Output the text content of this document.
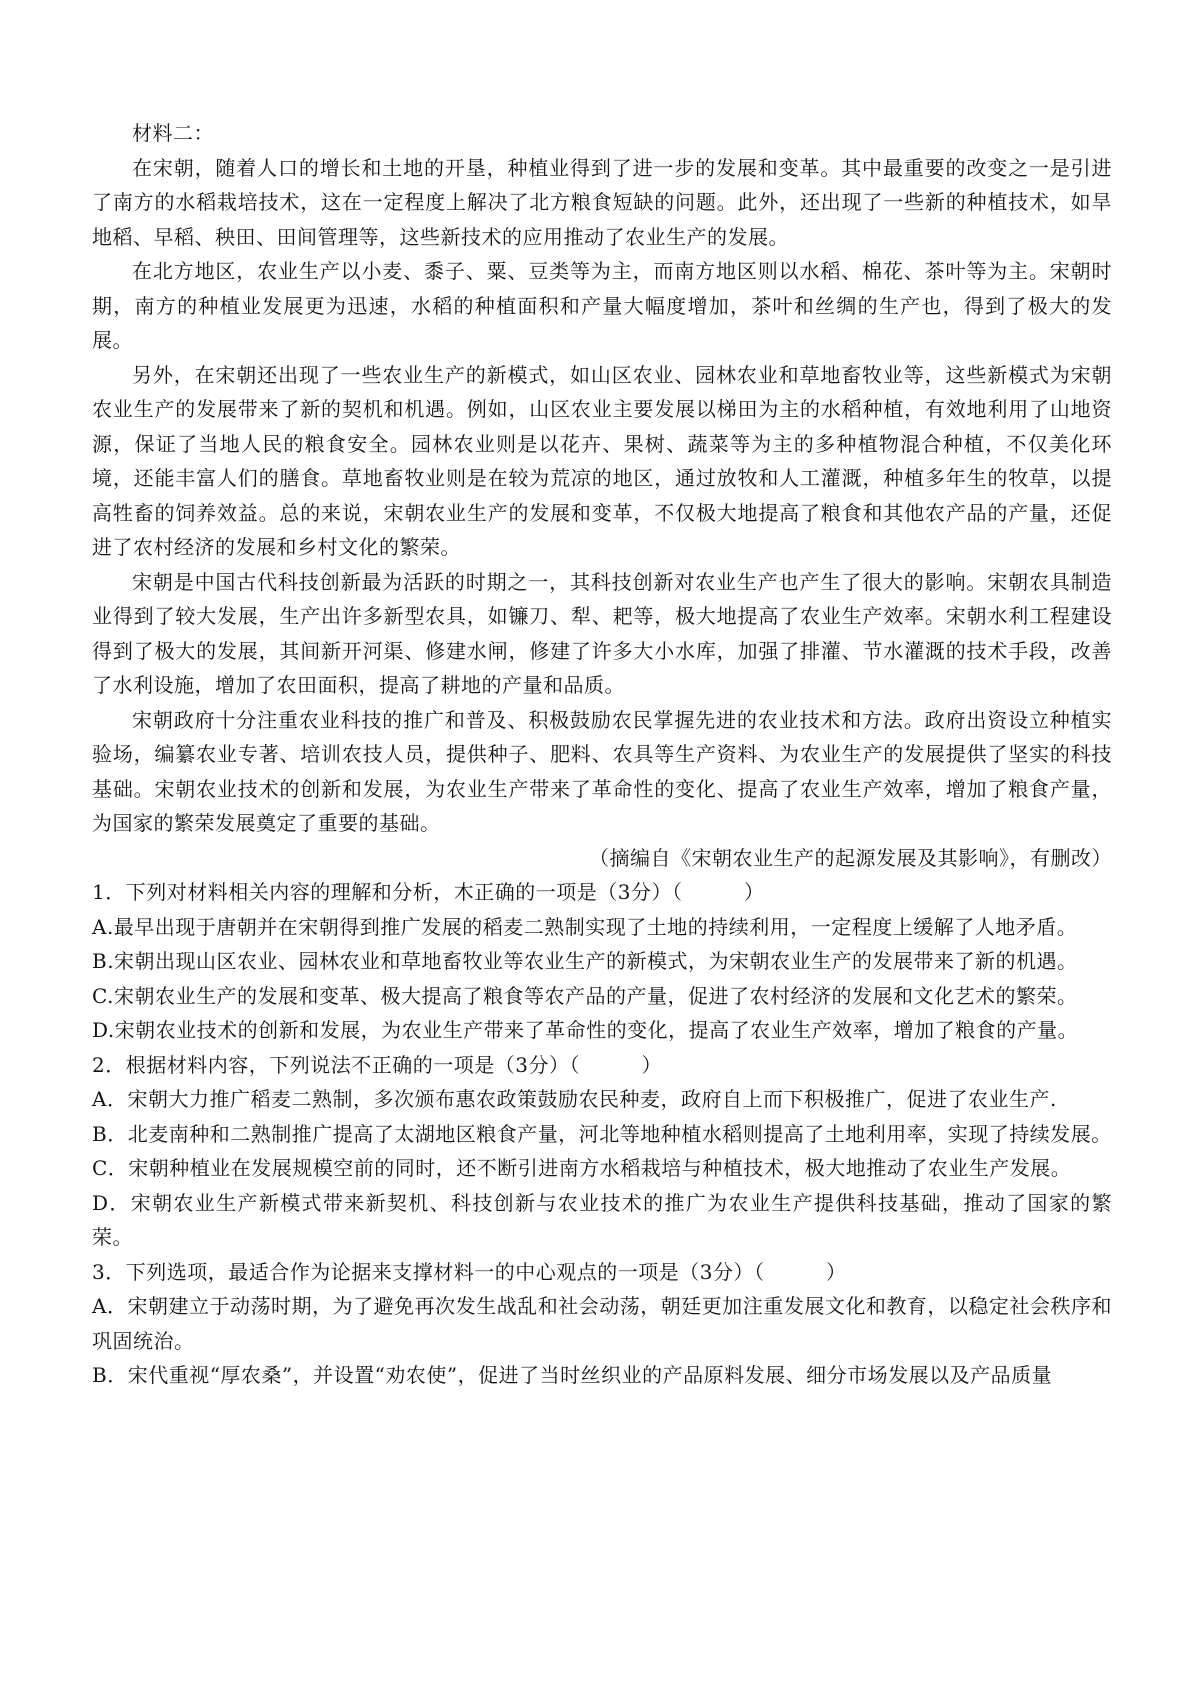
材料二：
在宋朝，随着人口的增长和土地的开垦，种植业得到了进一步的发展和变革。其中最重要的改变之一是引进了南方的水稻栽培技术，这在一定程度上解决了北方粮食短缺的问题。此外，还出现了一些新的种植技术，如旱地稻、早稻、秧田、田间管理等，这些新技术的应用推动了农业生产的发展。
在北方地区，农业生产以小麦、黍子、粟、豆类等为主，而南方地区则以水稻、棉花、茶叶等为主。宋朝时期，南方的种植业发展更为迅速，水稻的种植面积和产量大幅度增加，茶叶和丝绸的生产也，得到了极大的发展。
另外，在宋朝还出现了一些农业生产的新模式，如山区农业、园林农业和草地畜牧业等，这些新模式为宋朝农业生产的发展带来了新的契机和机遇。例如，山区农业主要发展以梯田为主的水稻种植，有效地利用了山地资源，保证了当地人民的粮食安全。园林农业则是以花卉、果树、蔬菜等为主的多种植物混合种植，不仅美化环境，还能丰富人们的膳食。草地畜牧业则是在较为荒凉的地区，通过放牧和人工灌溉，种植多年生的牧草，以提高牲畜的饲养效益。总的来说，宋朝农业生产的发展和变革，不仅极大地提高了粮食和其他农产品的产量，还促进了农村经济的发展和乡村文化的繁荣。
宋朝是中国古代科技创新最为活跃的时期之一，其科技创新对农业生产也产生了很大的影响。宋朝农具制造业得到了较大发展，生产出许多新型农具，如镰刀、犁、耙等，极大地提高了农业生产效率。宋朝水利工程建设得到了极大的发展，其间新开河渠、修建水闸，修建了许多大小水库，加强了排灌、节水灌溉的技术手段，改善了水利设施，增加了农田面积，提高了耕地的产量和品质。
宋朝政府十分注重农业科技的推广和普及、积极鼓励农民掌握先进的农业技术和方法。政府出资设立种植实验场，编纂农业专著、培训农技人员，提供种子、肥料、农具等生产资料、为农业生产的发展提供了坚实的科技基础。宋朝农业技术的创新和发展，为农业生产带来了革命性的变化、提高了农业生产效率，增加了粮食产量，为国家的繁荣发展奠定了重要的基础。
（摘编自《宋朝农业生产的起源发展及其影响》，有删改）
1．下列对材料相关内容的理解和分析，木正确的一项是（3分）（　　　）
A.最早出现于唐朝并在宋朝得到推广发展的稻麦二熟制实现了土地的持续利用，一定程度上缓解了人地矛盾。
B.宋朝出现山区农业、园林农业和草地畜牧业等农业生产的新模式，为宋朝农业生产的发展带来了新的机遇。
C.宋朝农业生产的发展和变革、极大提高了粮食等农产品的产量，促进了农村经济的发展和文化艺术的繁荣。
D.宋朝农业技术的创新和发展，为农业生产带来了革命性的变化，提高了农业生产效率，增加了粮食的产量。
2．根据材料内容，下列说法不正确的一项是（3分）（　　　）
A．宋朝大力推广稻麦二熟制，多次颁布惠农政策鼓励农民种麦，政府自上而下积极推广，促进了农业生产.
B．北麦南种和二熟制推广提高了太湖地区粮食产量，河北等地种植水稻则提高了土地利用率，实现了持续发展。
C．宋朝种植业在发展规模空前的同时，还不断引进南方水稻栽培与种植技术，极大地推动了农业生产发展。
D．宋朝农业生产新模式带来新契机、科技创新与农业技术的推广为农业生产提供科技基础，推动了国家的繁荣。
3．下列选项，最适合作为论据来支撑材料一的中心观点的一项是（3分）（　　　）
A．宋朝建立于动荡时期，为了避免再次发生战乱和社会动荡，朝廷更加注重发展文化和教育，以稳定社会秩序和巩固统治。
B．宋代重视“厚农桑”，并设置“劝农使”，促进了当时丝织业的产品原料发展、细分市场发展以及产品质量
